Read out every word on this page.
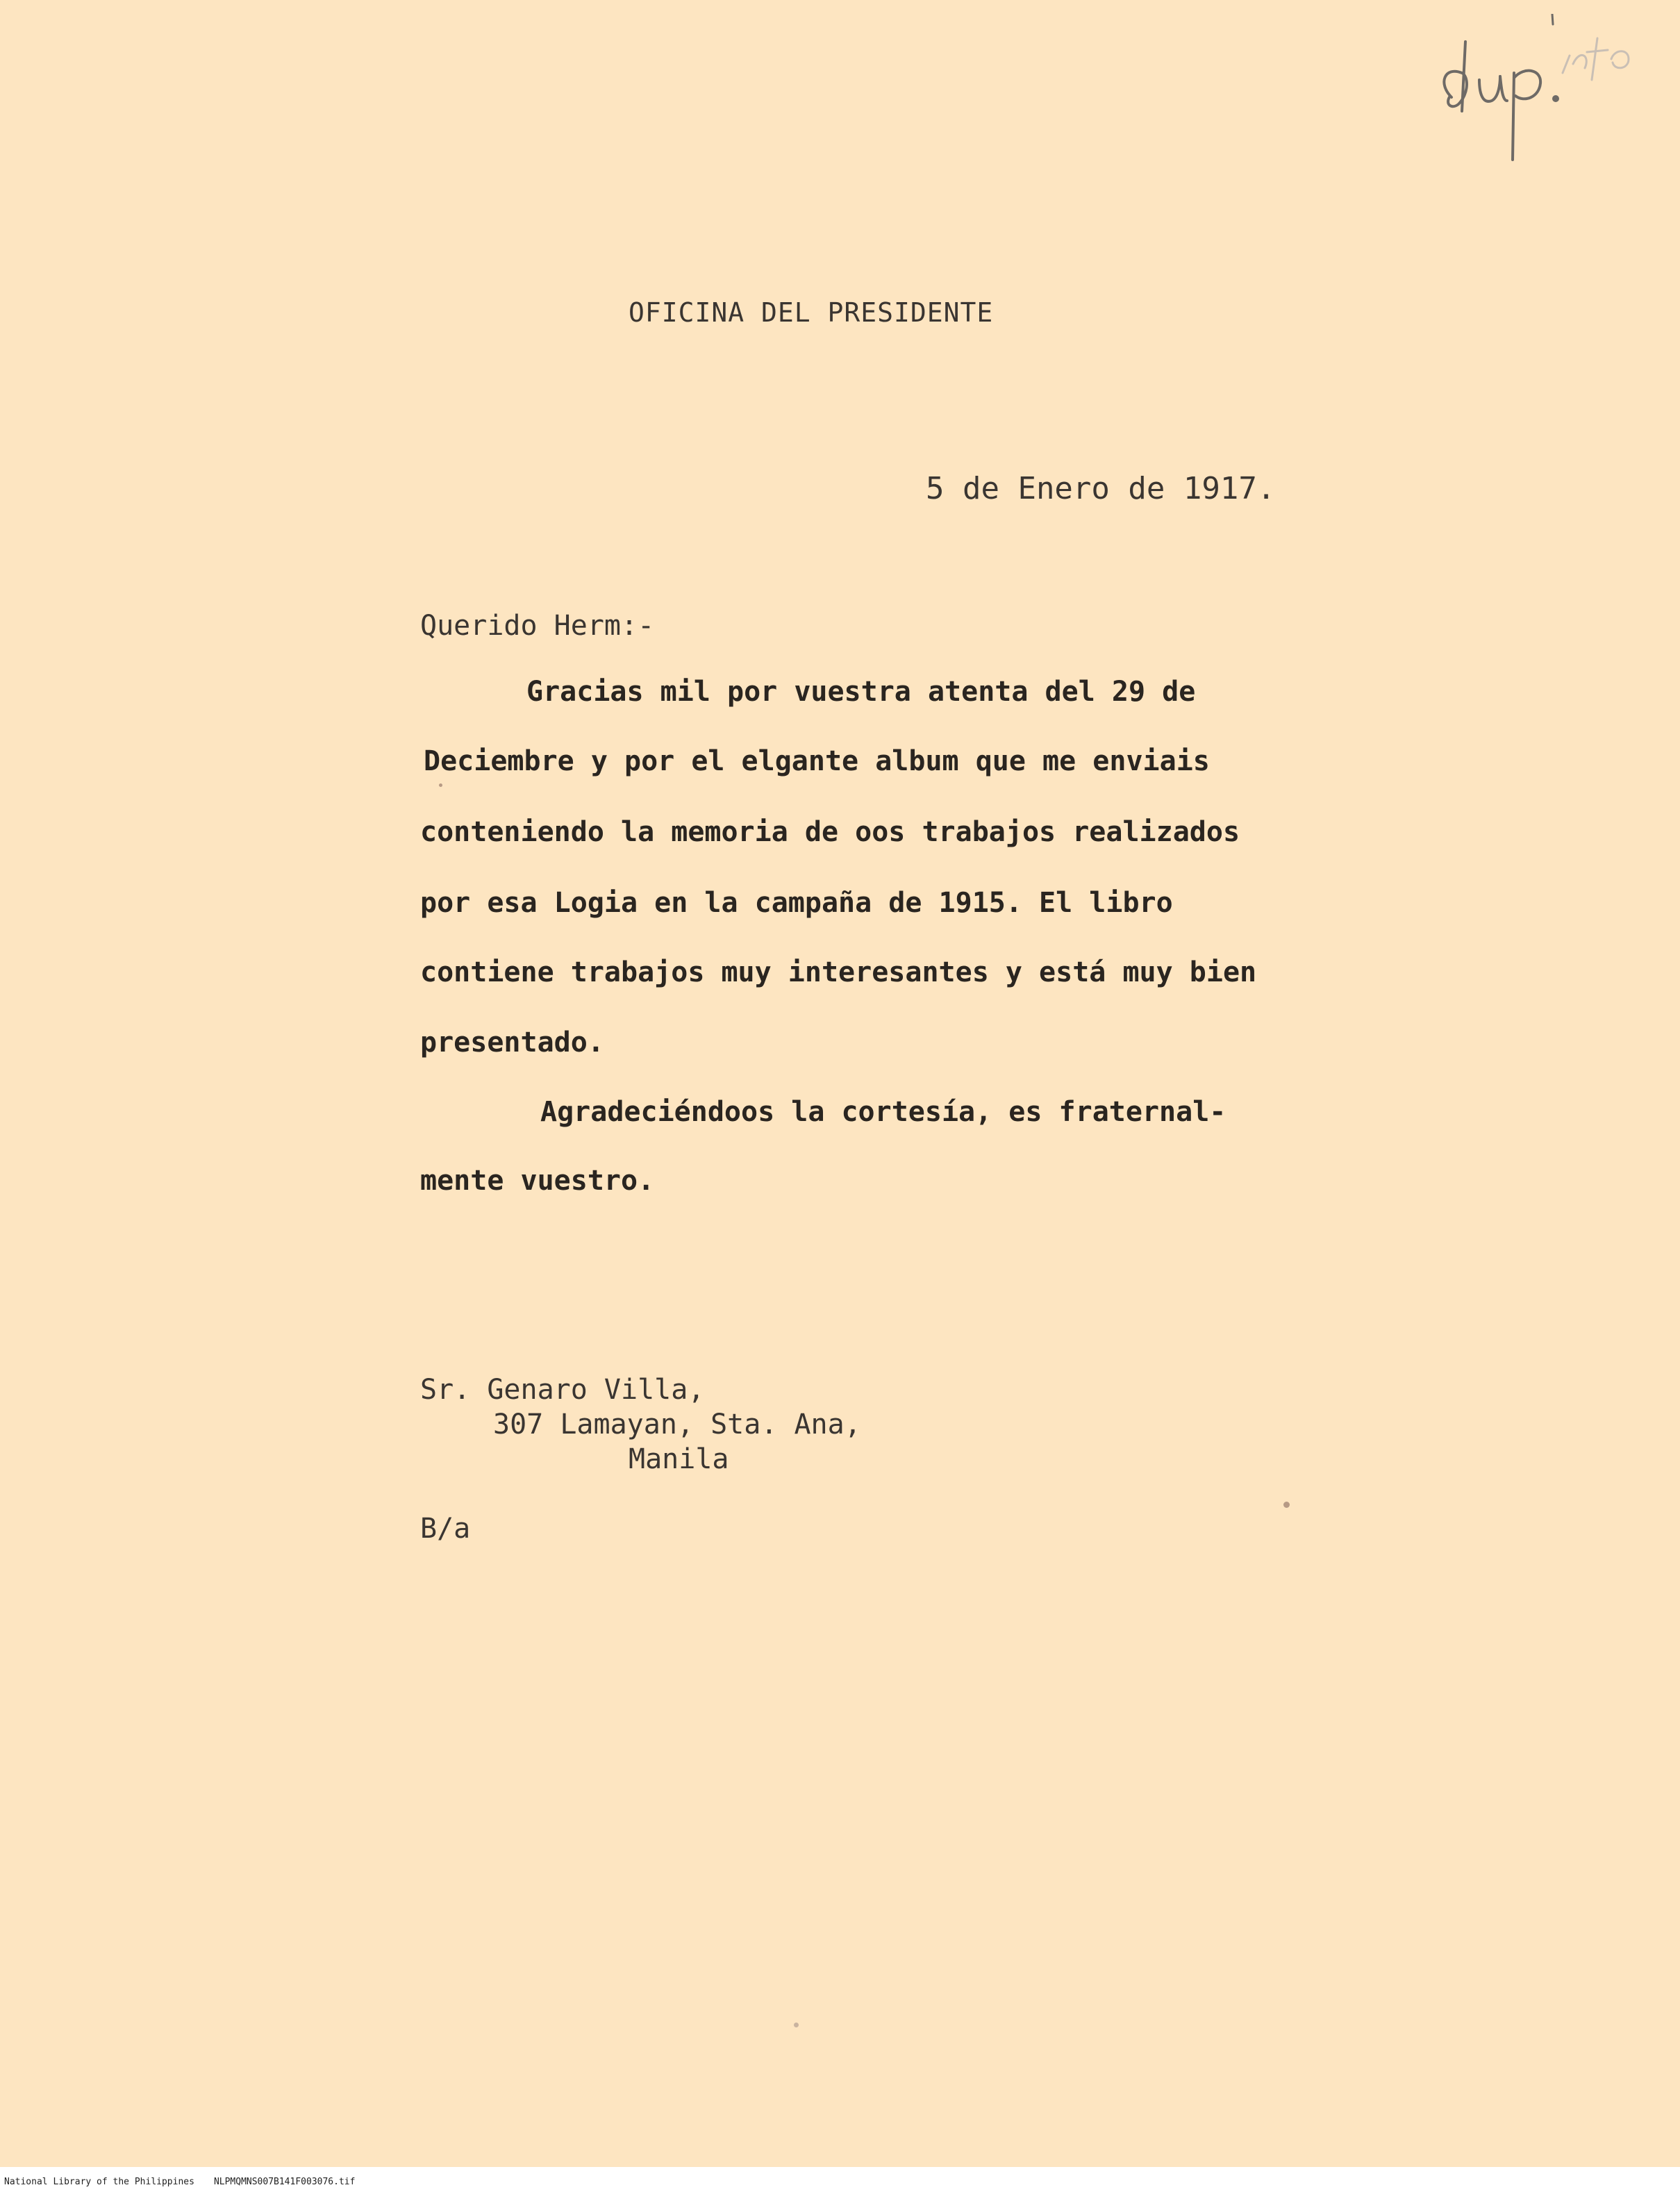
OFICINA DEL PRESIDENTE
5 de Enero de 1917.
Querido Herm:-
Gracias mil por vuestra atenta del 29 de
Deciembre y por el elgante album que me enviais
conteniendo la memoria de oos trabajos realizados
por esa Logia en la campaña de 1915. El libro
contiene trabajos muy interesantes y está muy bien
presentado.
Agradeciéndoos la cortesía, es fraternal-
mente vuestro.
Sr. Genaro Villa,
307 Lamayan, Sta. Ana,
Manila
B/a
National Library of the Philippines NLPMQMNS007B141F003076.tif
